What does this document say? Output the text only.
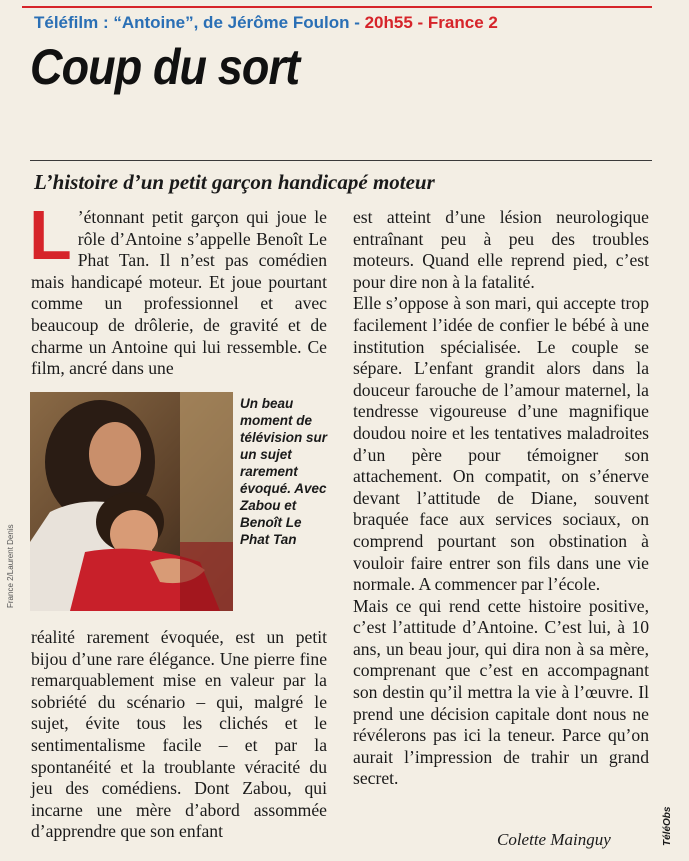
Téléfilm : “Antoine”, de Jérôme Foulon - 20h55 - France 2
Coup du sort
L’histoire d’un petit garçon handicapé moteur

L ’étonnant petit garçon qui joue le rôle d’Antoine s’appelle Benoît Le Phat Tan. Il n’est pas comédien mais handicapé moteur. Et joue pourtant comme un professionnel et avec beaucoup de drôlerie, de gravité et de charme un Antoine qui lui ressemble. Ce film, ancré dans une

France 2/Laurent Denis
Un beau moment de télévision sur un sujet rarement évoqué. Avec Zabou et Benoît Le Phat Tan

réalité rarement évoquée, est un petit bijou d’une rare élégance. Une pierre fine remarquablement mise en valeur par la sobriété du scénario – qui, malgré le sujet, évite tous les clichés et le sentimentalisme facile – et par la spontanéité et la troublante véracité du jeu des comédiens. Dont Zabou, qui incarne une mère d’abord assommée d’apprendre que son enfant

est atteint d’une lésion neurologique entraînant peu à peu des troubles moteurs. Quand elle reprend pied, c’est pour dire non à la fatalité.

Elle s’oppose à son mari, qui accepte trop facilement l’idée de confier le bébé à une institution spécialisée. Le couple se sépare. L’enfant grandit alors dans la douceur farouche de l’amour maternel, la tendresse vigoureuse d’une magnifique doudou noire et les tentatives maladroites d’un père pour témoigner son attachement. On compatit, on s’énerve devant l’attitude de Diane, souvent braquée face aux services sociaux, on comprend pourtant son obstination à vouloir faire entrer son fils dans une vie normale. A commencer par l’école.

Mais ce qui rend cette histoire positive, c’est l’attitude d’Antoine. C’est lui, à 10 ans, un beau jour, qui dira non à sa mère, comprenant que c’est en accompagnant son destin qu’il mettra la vie à l’œuvre. Il prend une décision capitale dont nous ne révélerons pas ici la teneur. Parce qu’on aurait l’impression de trahir un grand secret.

Colette Mainguy	TéléObs
